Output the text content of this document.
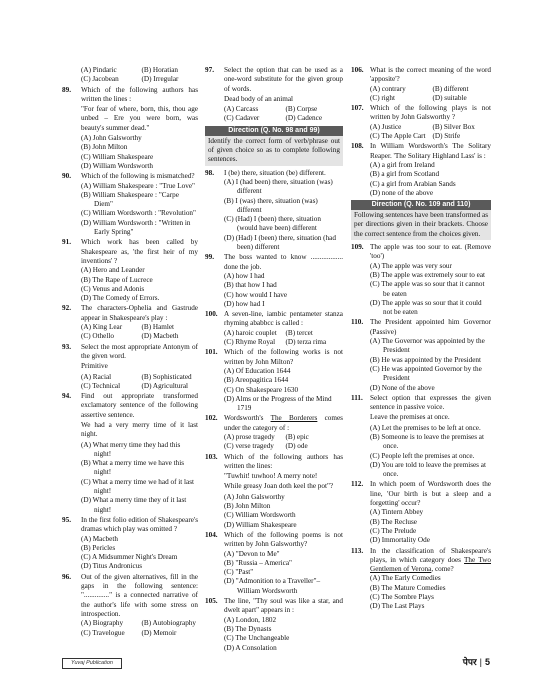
(A) Pindaric	(B) Horatian
(C) Jacobean	(D) Irregular
89. Which of the following authors has written the lines :
"For fear of where, born, this, thou age unbed – Ere you were born, was beauty's summer dead."
(A) John Galsworthy
(B) John Milton
(C) William Shakespeare
(D) William Wordsworth
90. Which of the following is mismatched?
(A) William Shakespeare : "True Love"
(B) William Shakespeare : "Carpe Diem"
(C) William Wordsworth : "Revolution"
(D) William Wordsworth : "Written in Early Spring"
91. Which work has been called by Shakespeare as, 'the first heir of my inventions' ?
(A) Hero and Leander
(B) The Rape of Lucrece
(C) Venus and Adonis
(D) The Comedy of Errors.
92. The characters-Ophelia and Gastrude appear in Shakespeare's play :
(A) King Lear	(B) Hamlet
(C) Othello	(D) Macbeth
93. Select the most appropriate Antonym of the given word.
Primitive
(A) Racial	(B) Sophisticated
(C) Technical	(D) Agricultural
94. Find out appropriate transformed exclamatory sentence of the following assertive sentence.
We had a very merry time of it last night.
(A) What merry time they had this night!
(B) What a merry time we have this night!
(C) What a merry time we had of it last night!
(D) What a merry time they of it last night!
95. In the first folio edition of Shakespeare's dramas which play was omitted ?
(A) Macbeth
(B) Pericles
(C) A Midsummer Night's Dream
(D) Titus Andronicus
96. Out of the given alternatives, fill in the gaps in the following sentence: ".............." is a connected narrative of the author's life with some stress on introspection.
(A) Biography	(B) Autobiography
(C) Travelogue	(D) Memoir
97. Select the option that can be used as a one-word substitute for the given group of words.
Dead body of an animal
(A) Carcass	(B) Corpse
(C) Cadaver	(D) Cadence
Direction (Q. No. 98 and 99)
Identify the correct form of verb/phrase out of given choice so as to complete following sentences.
98. I (be) there, situation (be) different.
(A) I (had been) there, situation (was) different
(B) I (was) there, situation (was) different
(C) (Had) I (been) there, situation (would have been) different
(D) (Had) I (been) there, situation (had been) different
99. The boss wanted to know .................. done the job.
(A) how I had
(B) that how I had
(C) how would I have
(D) how had I
100. A seven-line, iambic pentameter stanza rhyming ababbcc is called :
(A) haroic couplet	(B) tercet
(C) Rhyme Royal	(D) terza rima
101. Which of the following works is not written by John Milton?
(A) Of Education 1644
(B) Areopagitica 1644
(C) On Shakespeare 1630
(D) Alms or the Progress of the Mind 1719
102. Wordsworth's The Borderers comes under the category of :
(A) prose tragedy	(B) epic
(C) verse tragedy	(D) ode
103. Which of the following authors has written the lines:
"Tuwhit! tuwhoo! A merry note!
While greasy Joan doth keel the pot"?
(A) John Galsworthy
(B) John Milton
(C) William Wordsworth
(D) William Shakespeare
104. Which of the following poems is not written by John Galsworthy?
(A) "Devon to Me"
(B) "Russia – America"
(C) "Past"
(D) "Admonition to a Traveller"–William Wordsworth
105. The line, "Thy soul was like a star, and dwelt apart" appears in :
(A) London, 1802
(B) The Dynasts
(C) The Unchangeable
(D) A Consolation
106. What is the correct meaning of the word 'apposite'?
(A) contrary	(B) different
(C) right	(D) suitable
107. Which of the following plays is not written by John Galsworthy ?
(A) Justice	(B) Silver Box
(C) The Apple Cart (D) Strife
108. In William Wordsworth's The Solitary Reaper. 'The Solitary Highland Lass' is :
(A) a girl from Ireland
(B) a girl from Scotland
(C) a girl from Arabian Sands
(D) none of the above
Direction (Q. No. 109 and 110)
Following sentences have been transformed as per directions given in their brackets. Choose the correct sentence from the choices given.
109. The apple was too sour to eat. (Remove 'too')
(A) The apple was very sour
(B) The apple was extremely sour to eat
(C) The apple was so sour that it cannot be eaten
(D) The apple was so sour that it could not be eaten
110. The President appointed him Governor (Passive)
(A) The Governor was appointed by the President
(B) He was appointed by the President
(C) He was appointed Governor by the President
(D) None of the above
111. Select option that expresses the given sentence in passive voice.
Leave the premises at once.
(A) Let the premises to be left at once.
(B) Someone is to leave the premises at once.
(C) People left the premises at once.
(D) You are told to leave the premises at once.
112. In which poem of Wordsworth does the line, 'Our birth is but a sleep and a forgetting' occur?
(A) Tintern Abbey
(B) The Recluse
(C) The Prelude
(D) Immortality Ode
113. In the classification of Shakespeare's plays, in which category does The Two Gentlemen of Verona, come?
(A) The Early Comedies
(B) The Mature Comedies
(C) The Sombre Plays
(D) The Last Plays
Yuvaj Publication	पेपर | 5
